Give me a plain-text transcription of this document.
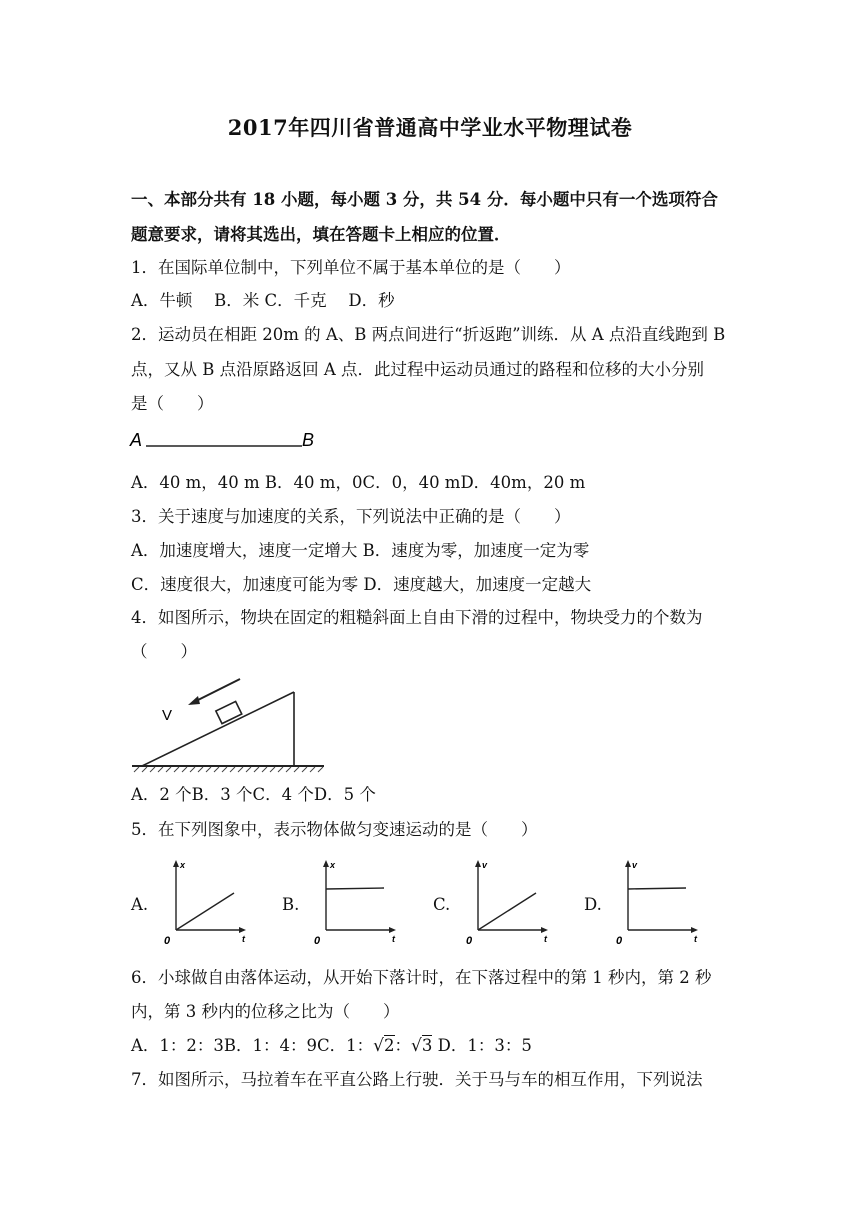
2017年四川省普通高中学业水平物理试卷
一、本部分共有 18 小题，每小题 3 分，共 54 分．每小题中只有一个选项符合
题意要求，请将其选出，填在答题卡上相应的位置．
1．在国际单位制中，下列单位不属于基本单位的是（　　）
A．牛顿　 B．米 C．千克　 D．秒
2．运动员在相距 20m 的 A、B 两点间进行“折返跑”训练．从 A 点沿直线跑到 B
点，又从 B 点沿原路返回 A 点．此过程中运动员通过的路程和位移的大小分别
是（　　）
A	B
A．40 m，40 m B．40 m，0C．0，40 mD．40m，20 m
3．关于速度与加速度的关系，下列说法中正确的是（　　）
A．加速度增大，速度一定增大 B．速度为零，加速度一定为零
C．速度很大，加速度可能为零 D．速度越大，加速度一定越大
4．如图所示，物块在固定的粗糙斜面上自由下滑的过程中，物块受力的个数为
（　　）
V
A．2 个B．3 个C．4 个D．5 个
5．在下列图象中，表示物体做匀变速运动的是（　　）
A.
x
t
0
B.
x
t
0
C.
v
t
0
D.
v
t
0
6．小球做自由落体运动，从开始下落计时，在下落过程中的第 1 秒内，第 2 秒
内，第 3 秒内的位移之比为（　　）
A．1：2：3B．1：4：9C．1：√2：√3 D．1：3：5
7．如图所示，马拉着车在平直公路上行驶．关于马与车的相互作用，下列说法
